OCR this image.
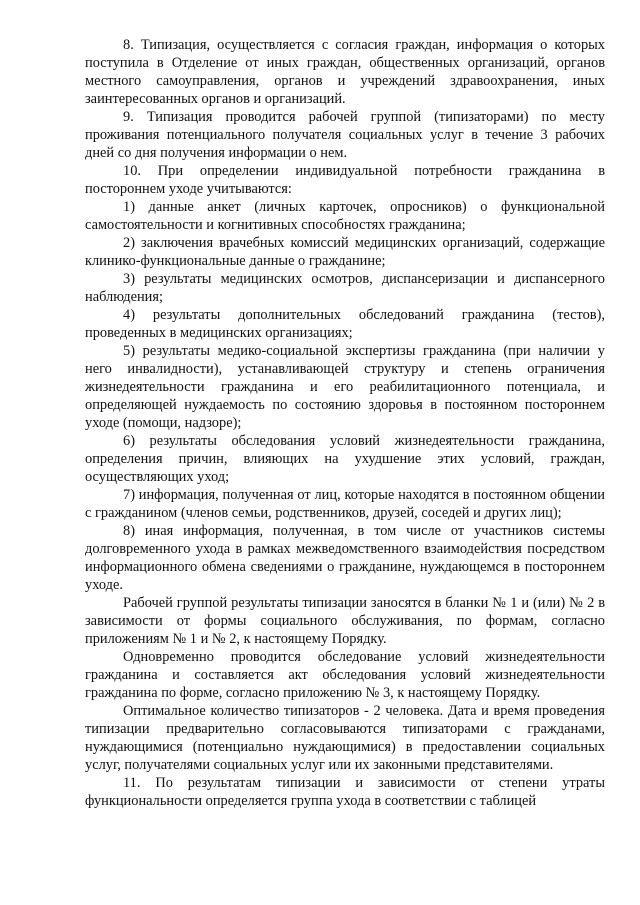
8. Типизация, осуществляется с согласия граждан, информация о которых поступила в Отделение от иных граждан, общественных организаций, органов местного самоуправления, органов и учреждений здравоохранения, иных заинтересованных органов и организаций.

9. Типизация проводится рабочей группой (типизаторами) по месту проживания потенциального получателя социальных услуг в течение 3 рабочих дней со дня получения информации о нем.

10. При определении индивидуальной потребности гражданина в постороннем уходе учитываются:

1) данные анкет (личных карточек, опросников) о функциональной самостоятельности и когнитивных способностях гражданина;

2) заключения врачебных комиссий медицинских организаций, содержащие клинико-функциональные данные о гражданине;

3) результаты медицинских осмотров, диспансеризации и диспансерного наблюдения;

4) результаты дополнительных обследований гражданина (тестов), проведенных в медицинских организациях;

5) результаты медико-социальной экспертизы гражданина (при наличии у него инвалидности), устанавливающей структуру и степень ограничения жизнедеятельности гражданина и его реабилитационного потенциала, и определяющей нуждаемость по состоянию здоровья в постоянном постороннем уходе (помощи, надзоре);

6) результаты обследования условий жизнедеятельности гражданина, определения причин, влияющих на ухудшение этих условий, граждан, осуществляющих уход;

7) информация, полученная от лиц, которые находятся в постоянном общении с гражданином (членов семьи, родственников, друзей, соседей и других лиц);

8) иная информация, полученная, в том числе от участников системы долговременного ухода в рамках межведомственного взаимодействия посредством информационного обмена сведениями о гражданине, нуждающемся в постороннем уходе.

Рабочей группой результаты типизации заносятся в бланки № 1 и (или) № 2 в зависимости от формы социального обслуживания, по формам, согласно приложениям № 1 и № 2, к настоящему Порядку.

Одновременно проводится обследование условий жизнедеятельности гражданина и составляется акт обследования условий жизнедеятельности гражданина по форме, согласно приложению № 3, к настоящему Порядку.

Оптимальное количество типизаторов - 2 человека. Дата и время проведения типизации предварительно согласовываются типизаторами с гражданами, нуждающимися (потенциально нуждающимися) в предоставлении социальных услуг, получателями социальных услуг или их законными представителями.

11. По результатам типизации и зависимости от степени утраты функциональности определяется группа ухода в соответствии с таблицей
